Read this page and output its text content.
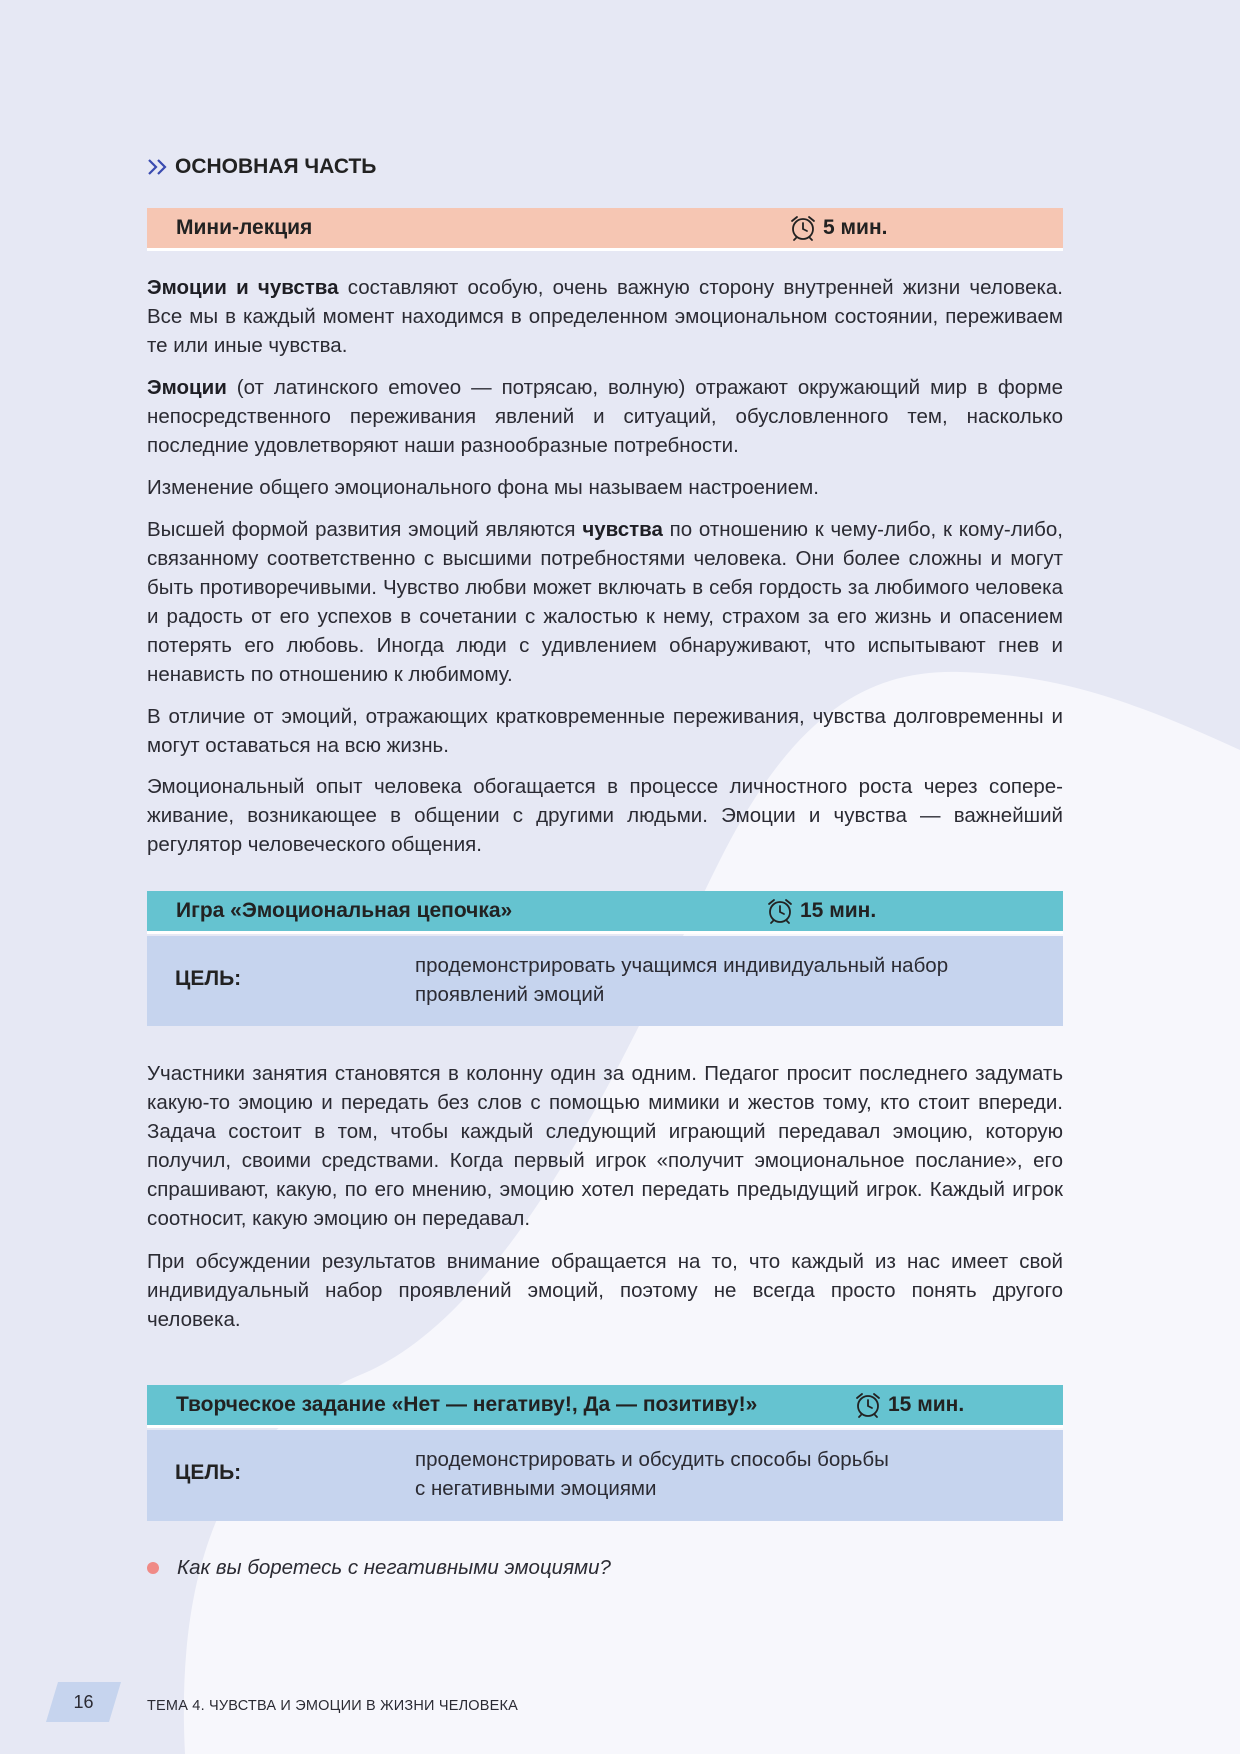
ОСНОВНАЯ ЧАСТЬ
Мини-лекция	5 мин.

Эмоции и чувства составляют особую, очень важную сторону внутренней жизни человека. Все мы в каждый момент находимся в определенном эмоциональном состоянии, переживаем те или иные чувства.

Эмоции (от латинского emoveo — потрясаю, волную) отражают окружающий мир в форме непосредственного переживания явлений и ситуаций, обусловленного тем, насколько последние удовлетворяют наши разнообразные потребности.

Изменение общего эмоционального фона мы называем настроением.

Высшей формой развития эмоций являются чувства по отношению к чему-либо, к кому-либо, связанному соответственно с высшими потребностями человека. Они более сложны и могут быть противоречивыми. Чувство любви может включать в себя гордость за любимого человека и радость от его успехов в сочетании с жалостью к нему, страхом за его жизнь и опасением потерять его любовь. Иногда люди с удивлением обнаруживают, что испытывают гнев и ненависть по отношению к любимому.

В отличие от эмоций, отражающих кратковременные переживания, чувства долговременны и могут оставаться на всю жизнь.

Эмоциональный опыт человека обогащается в процессе личностного роста через сопереживание, возникающее в общении с другими людьми. Эмоции и чувства — важнейший регулятор человеческого общения.

Игра «Эмоциональная цепочка»	15 мин.
ЦЕЛЬ:
продемонстрировать учащимся индивидуальный набор
проявлений эмоций

Участники занятия становятся в колонну один за одним. Педагог просит последнего задумать какую-то эмоцию и передать без слов с помощью мимики и жестов тому, кто стоит впереди. Задача состоит в том, чтобы каждый следующий играющий передавал эмоцию, которую получил, своими средствами. Когда первый игрок «получит эмоциональное послание», его спрашивают, какую, по его мнению, эмоцию хотел передать предыдущий игрок. Каждый игрок соотносит, какую эмоцию он передавал.

При обсуждении результатов внимание обращается на то, что каждый из нас имеет свой индивидуальный набор проявлений эмоций, поэтому не всегда просто понять другого человека.

Творческое задание «Нет — негативу!, Да — позитиву!»	15 мин.
ЦЕЛЬ:
продемонстрировать и обсудить способы борьбы
с негативными эмоциями
Как вы боретесь с негативными эмоциями?
16	ТЕМА 4. ЧУВСТВА И ЭМОЦИИ В ЖИЗНИ ЧЕЛОВЕКА
